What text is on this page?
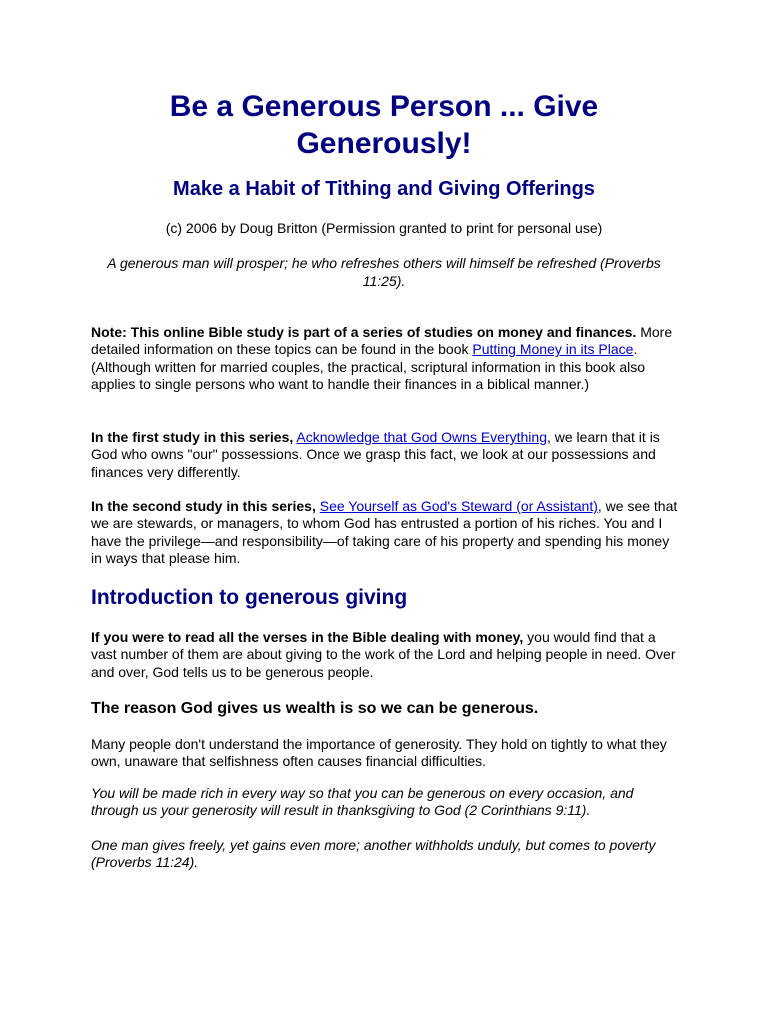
Be a Generous Person ... Give Generously!
Make a Habit of Tithing and Giving Offerings

(c) 2006 by Doug Britton (Permission granted to print for personal use)

A generous man will prosper; he who refreshes others will himself be refreshed (Proverbs 11:25).

Note: This online Bible study is part of a series of studies on money and finances. More detailed information on these topics can be found in the book Putting Money in its Place. (Although written for married couples, the practical, scriptural information in this book also applies to single persons who want to handle their finances in a biblical manner.)

In the first study in this series, Acknowledge that God Owns Everything, we learn that it is God who owns "our" possessions. Once we grasp this fact, we look at our possessions and finances very differently.

In the second study in this series, See Yourself as God's Steward (or Assistant), we see that we are stewards, or managers, to whom God has entrusted a portion of his riches. You and I have the privilege—and responsibility—of taking care of his property and spending his money in ways that please him.

Introduction to generous giving

If you were to read all the verses in the Bible dealing with money, you would find that a vast number of them are about giving to the work of the Lord and helping people in need. Over and over, God tells us to be generous people.

The reason God gives us wealth is so we can be generous.

Many people don't understand the importance of generosity. They hold on tightly to what they own, unaware that selfishness often causes financial difficulties.

You will be made rich in every way so that you can be generous on every occasion, and through us your generosity will result in thanksgiving to God (2 Corinthians 9:11).

One man gives freely, yet gains even more; another withholds unduly, but comes to poverty (Proverbs 11:24).
